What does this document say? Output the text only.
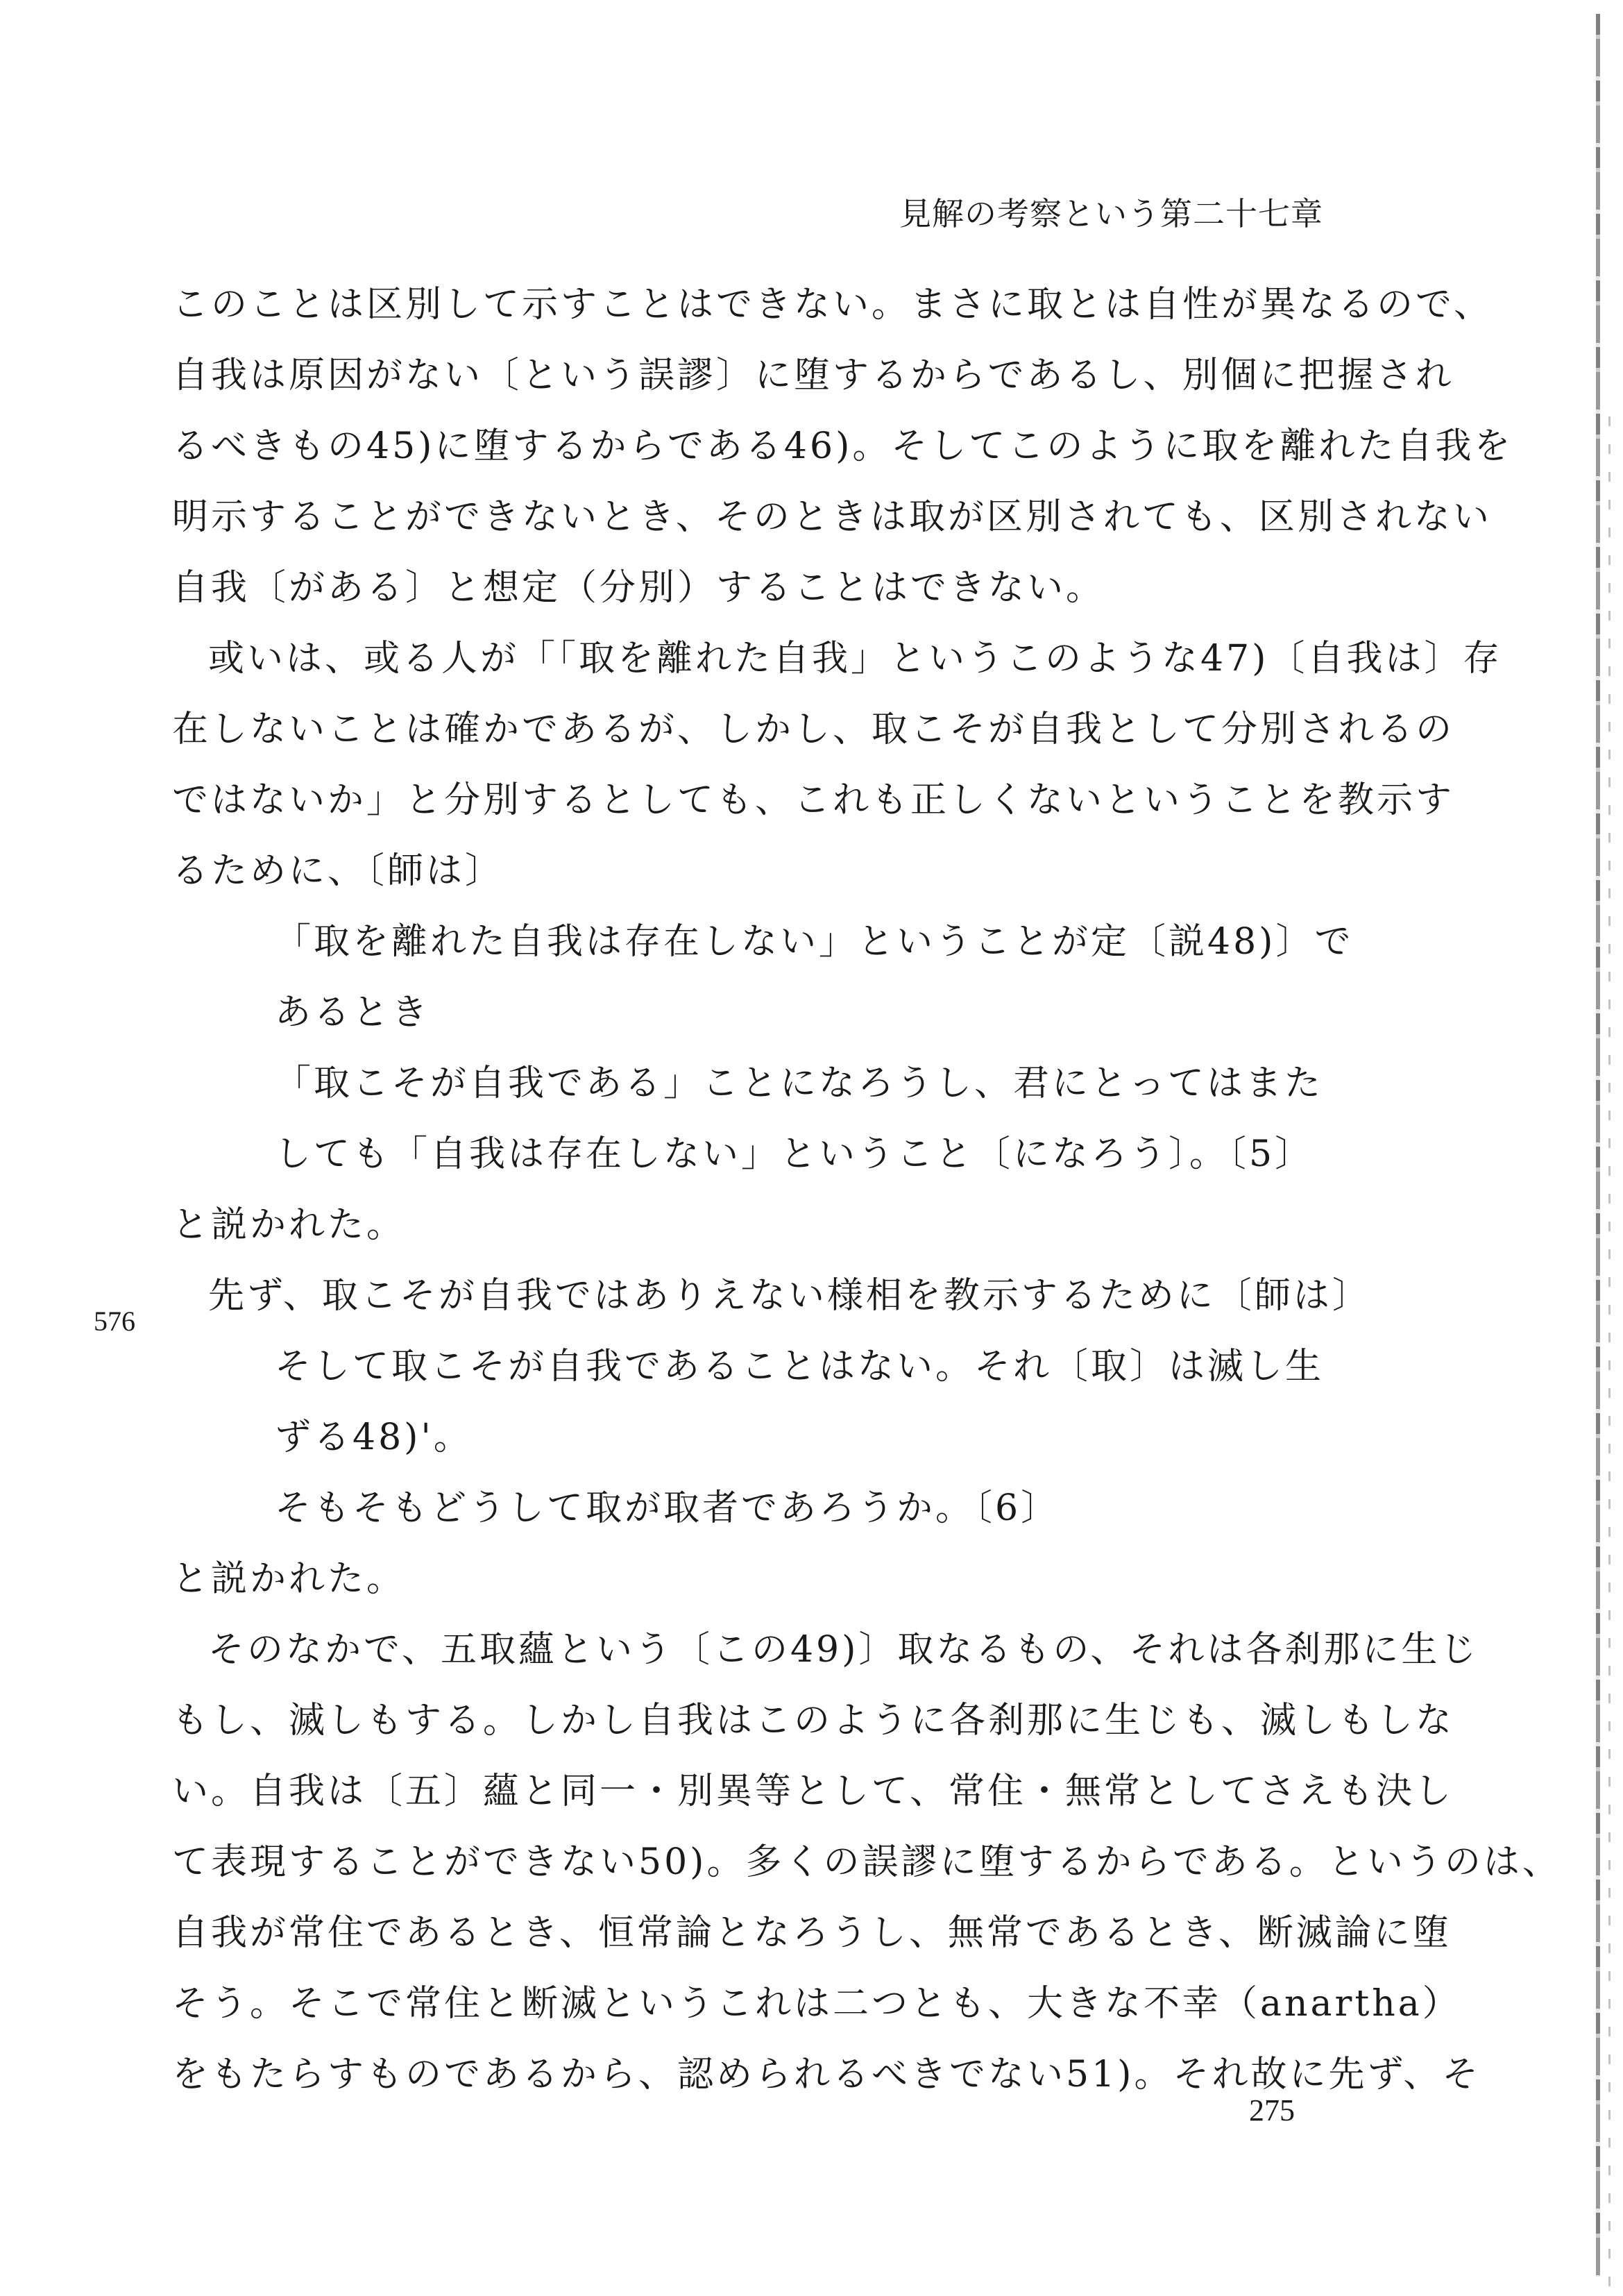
見解の考察という第二十七章
576
このことは区別して示すことはできない。まさに取とは自性が異なるので、
自我は原因がない〔という誤謬〕に堕するからであるし、別個に把握され
るべきもの45)に堕するからである46)。そしてこのように取を離れた自我を
明示することができないとき、そのときは取が区別されても、区別されない
自我〔がある〕と想定（分別）することはできない。
或いは、或る人が「「取を離れた自我」というこのような47)〔自我は〕存
在しないことは確かであるが、しかし、取こそが自我として分別されるの
ではないか」と分別するとしても、これも正しくないということを教示す
るために、〔師は〕
「取を離れた自我は存在しない」ということが定〔説48)〕で
あるとき
「取こそが自我である」ことになろうし、君にとってはまた
しても「自我は存在しない」ということ〔になろう〕。〔5〕
と説かれた。
先ず、取こそが自我ではありえない様相を教示するために〔師は〕
そして取こそが自我であることはない。それ〔取〕は滅し生
ずる48)'。
そもそもどうして取が取者であろうか。〔6〕
と説かれた。
そのなかで、五取蘊という〔この49)〕取なるもの、それは各刹那に生じ
もし、滅しもする。しかし自我はこのように各刹那に生じも、滅しもしな
い。自我は〔五〕蘊と同一・別異等として、常住・無常としてさえも決し
て表現することができない50)。多くの誤謬に堕するからである。というのは、
自我が常住であるとき、恒常論となろうし、無常であるとき、断滅論に堕
そう。そこで常住と断滅というこれは二つとも、大きな不幸（anartha）
をもたらすものであるから、認められるべきでない51)。それ故に先ず、そ
275
